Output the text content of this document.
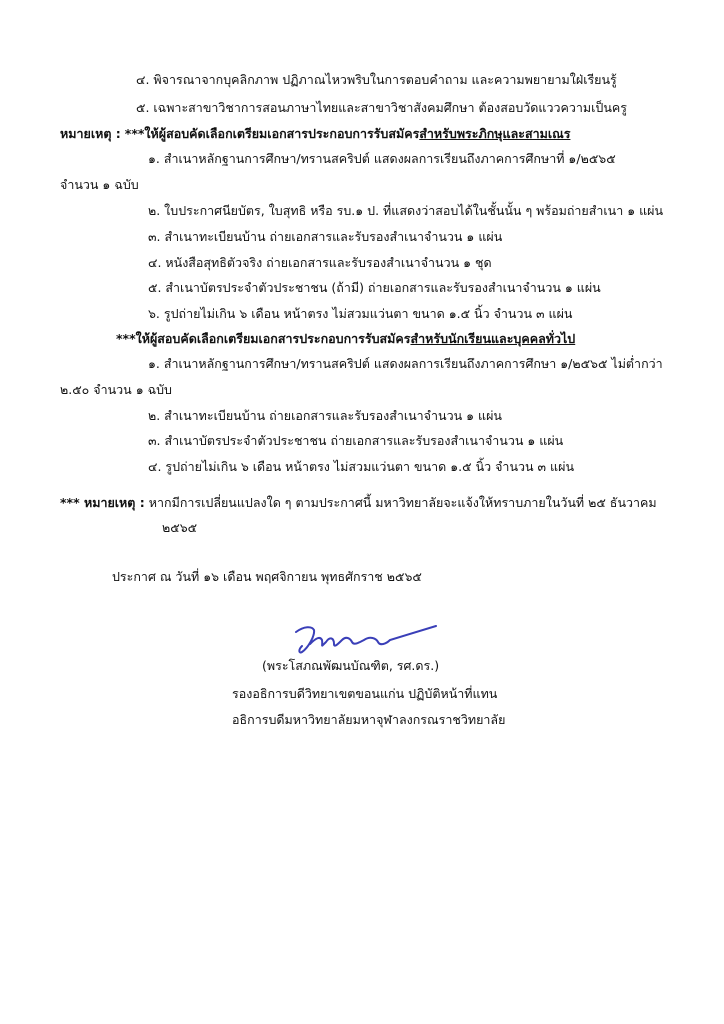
๔. พิจารณาจากบุคลิกภาพ ปฏิภาณไหวพริบในการตอบคำถาม และความพยายามใฝ่เรียนรู้
๕. เฉพาะสาขาวิชาการสอนภาษาไทยและสาขาวิชาสังคมศึกษา ต้องสอบวัดแววความเป็นครู
หมายเหตุ : ***ให้ผู้สอบคัดเลือกเตรียมเอกสารประกอบการรับสมัครสำหรับพระภิกษุและสามเณร
๑. สำเนาหลักฐานการศึกษา/ทรานสคริปต์ แสดงผลการเรียนถึงภาคการศึกษาที่ ๑/๒๕๖๕
จำนวน ๑ ฉบับ
๒. ใบประกาศนียบัตร, ใบสุทธิ หรือ รบ.๑ ป. ที่แสดงว่าสอบได้ในชั้นนั้น ๆ พร้อมถ่ายสำเนา ๑ แผ่น
๓. สำเนาทะเบียนบ้าน ถ่ายเอกสารและรับรองสำเนาจำนวน ๑ แผ่น
๔. หนังสือสุทธิตัวจริง ถ่ายเอกสารและรับรองสำเนาจำนวน ๑ ชุด
๕. สำเนาบัตรประจำตัวประชาชน (ถ้ามี) ถ่ายเอกสารและรับรองสำเนาจำนวน ๑ แผ่น
๖. รูปถ่ายไม่เกิน ๖ เดือน หน้าตรง ไม่สวมแว่นตา ขนาด ๑.๕ นิ้ว จำนวน ๓ แผ่น
***ให้ผู้สอบคัดเลือกเตรียมเอกสารประกอบการรับสมัครสำหรับนักเรียนและบุคคลทั่วไป
๑. สำเนาหลักฐานการศึกษา/ทรานสคริปต์ แสดงผลการเรียนถึงภาคการศึกษา ๑/๒๕๖๕ ไม่ต่ำกว่า
๒.๕๐ จำนวน ๑ ฉบับ
๒. สำเนาทะเบียนบ้าน ถ่ายเอกสารและรับรองสำเนาจำนวน ๑ แผ่น
๓. สำเนาบัตรประจำตัวประชาชน ถ่ายเอกสารและรับรองสำเนาจำนวน ๑ แผ่น
๔. รูปถ่ายไม่เกิน ๖ เดือน หน้าตรง ไม่สวมแว่นตา ขนาด ๑.๕ นิ้ว จำนวน ๓ แผ่น
*** หมายเหตุ : หากมีการเปลี่ยนแปลงใด ๆ ตามประกาศนี้ มหาวิทยาลัยจะแจ้งให้ทราบภายในวันที่ ๒๕ ธันวาคม
๒๕๖๕
ประกาศ ณ วันที่ ๑๖ เดือน พฤศจิกายน พุทธศักราช ๒๕๖๕
(พระโสภณพัฒนบัณฑิต, รศ.ดร.)
รองอธิการบดีวิทยาเขตขอนแก่น ปฏิบัติหน้าที่แทน
อธิการบดีมหาวิทยาลัยมหาจุฬาลงกรณราชวิทยาลัย
